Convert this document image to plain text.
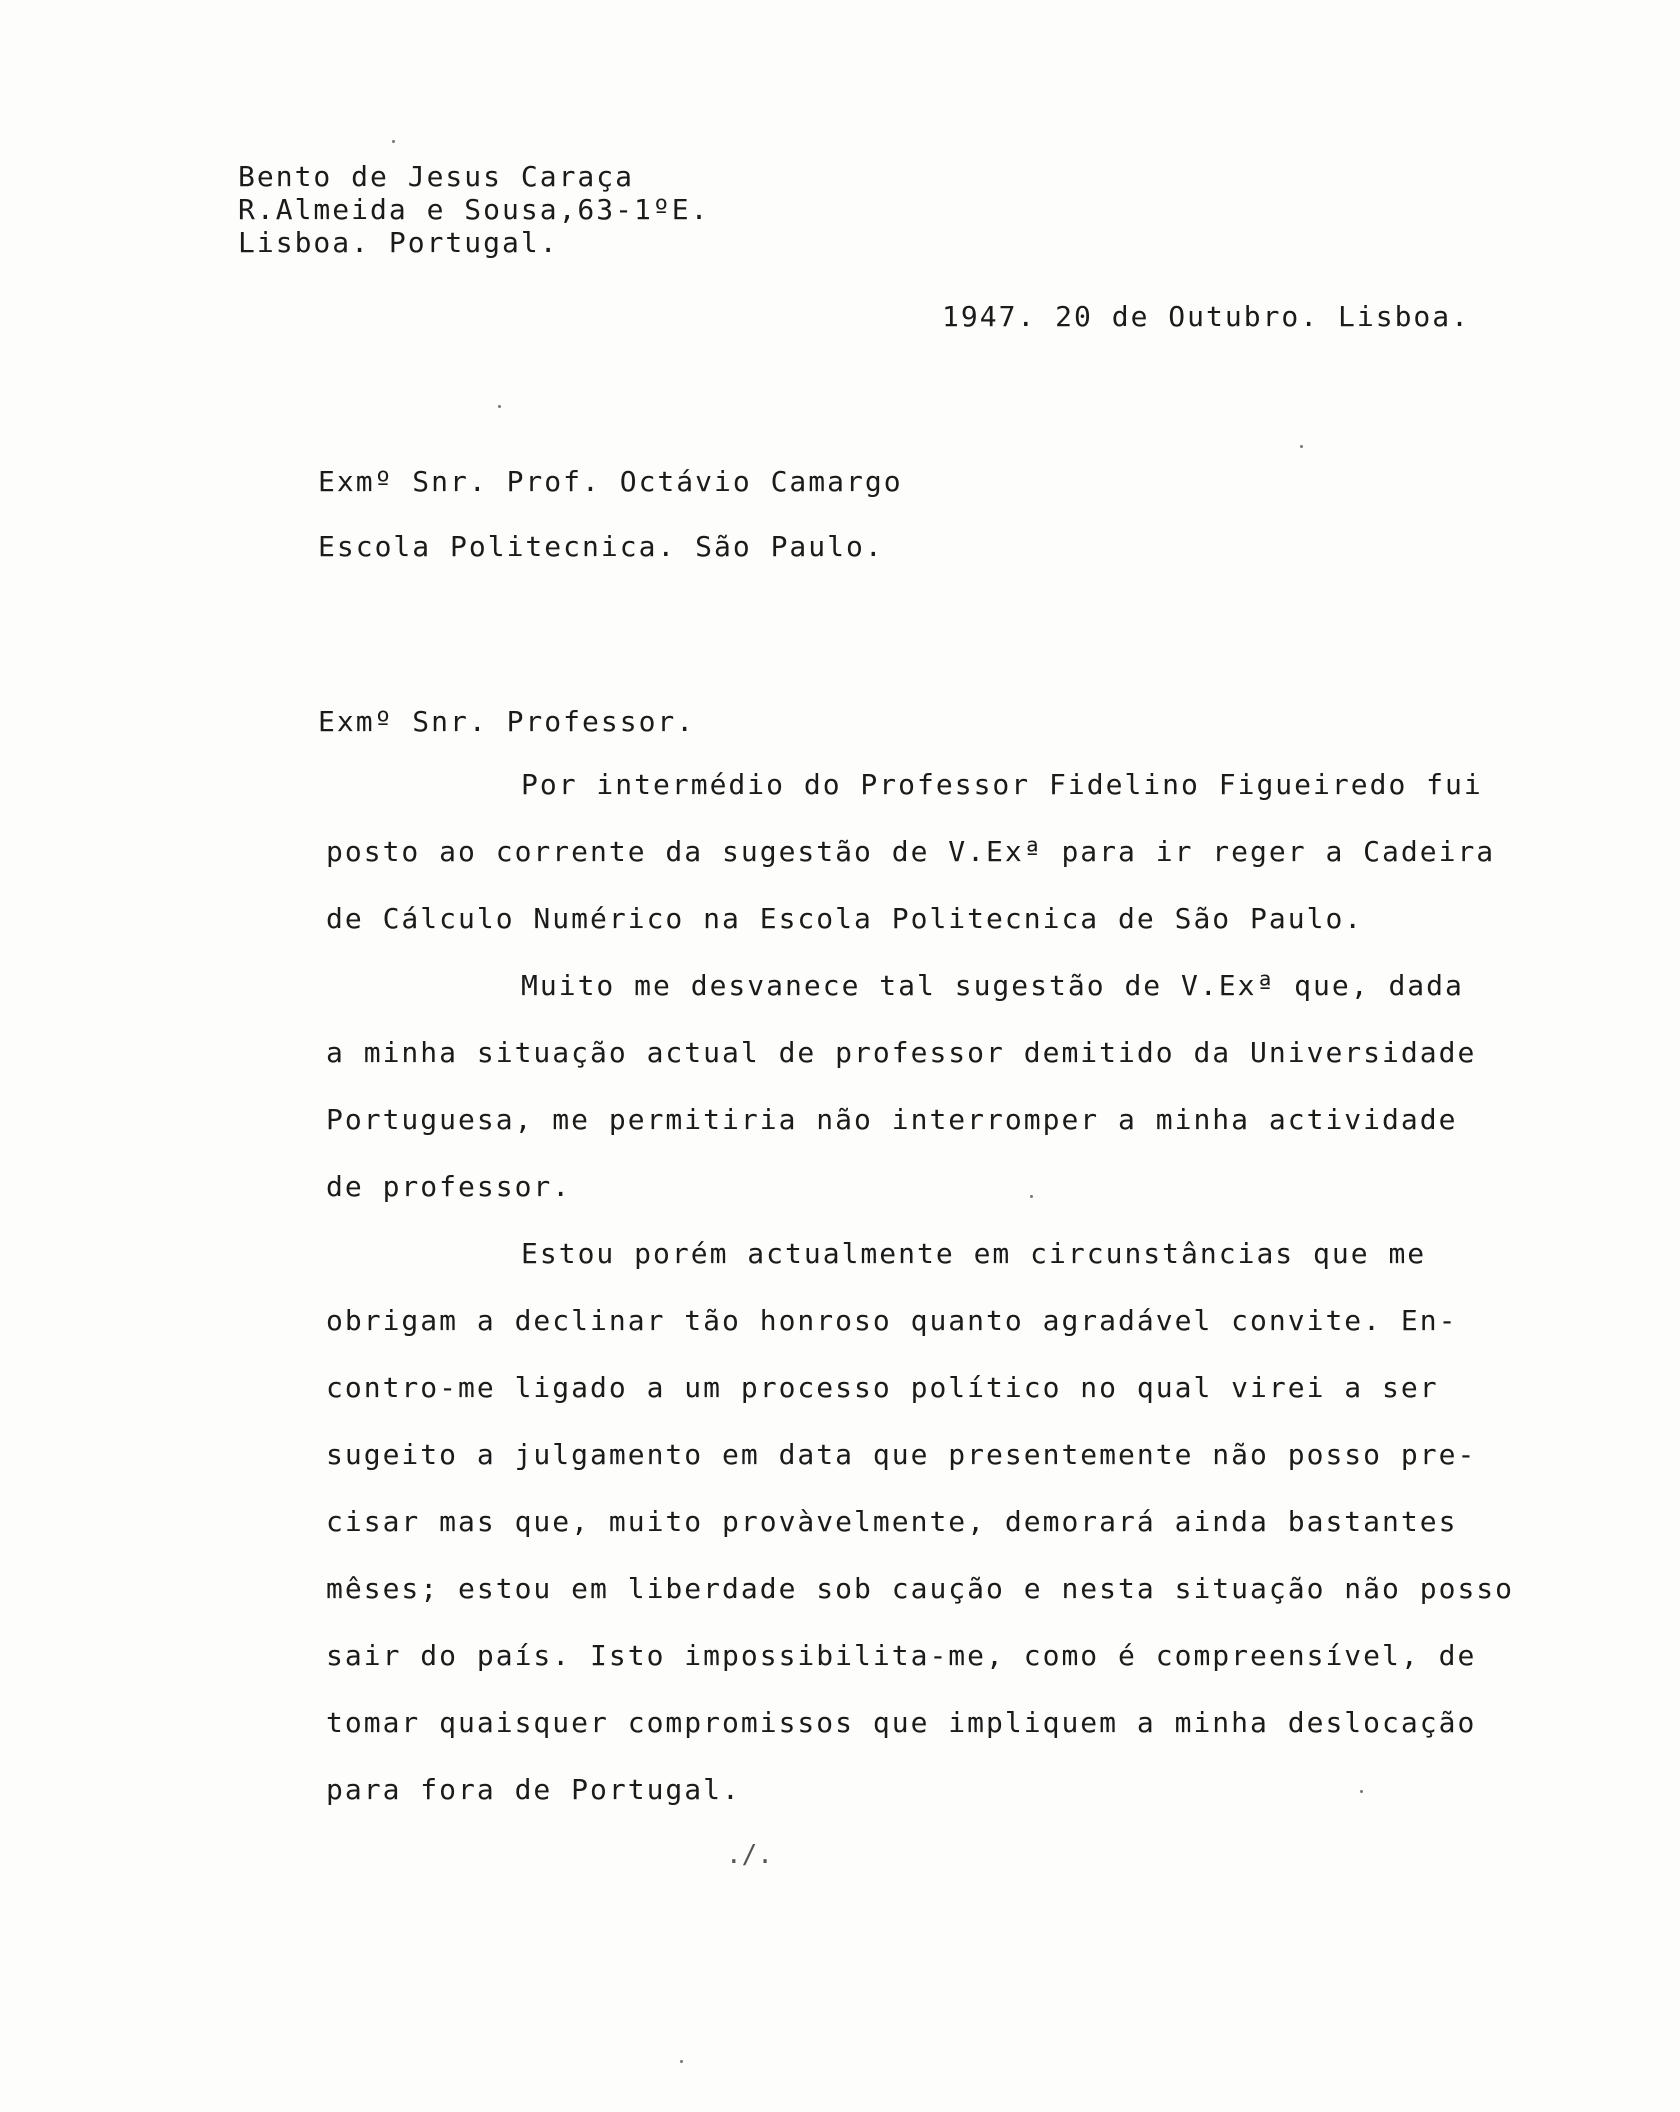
Bento de Jesus Caraça
R.Almeida e Sousa,63-1ºE.
Lisboa. Portugal.
1947. 20 de Outubro. Lisboa.
Exmº Snr. Prof. Octávio Camargo
Escola Politecnica. São Paulo.
Exmº Snr. Professor.
Por intermédio do Professor Fidelino Figueiredo fui
posto ao corrente da sugestão de V.Exª para ir reger a Cadeira
de Cálculo Numérico na Escola Politecnica de São Paulo.
Muito me desvanece tal sugestão de V.Exª que, dada
a minha situação actual de professor demitido da Universidade
Portuguesa, me permitiria não interromper a minha actividade
de professor.
Estou porém actualmente em circunstâncias que me
obrigam a declinar tão honroso quanto agradável convite. En-
contro-me ligado a um processo político no qual virei a ser
sugeito a julgamento em data que presentemente não posso pre-
cisar mas que, muito provàvelmente, demorará ainda bastantes
mêses; estou em liberdade sob caução e nesta situação não posso
sair do país. Isto impossibilita-me, como é compreensível, de
tomar quaisquer compromissos que impliquem a minha deslocação
para fora de Portugal.
./.
